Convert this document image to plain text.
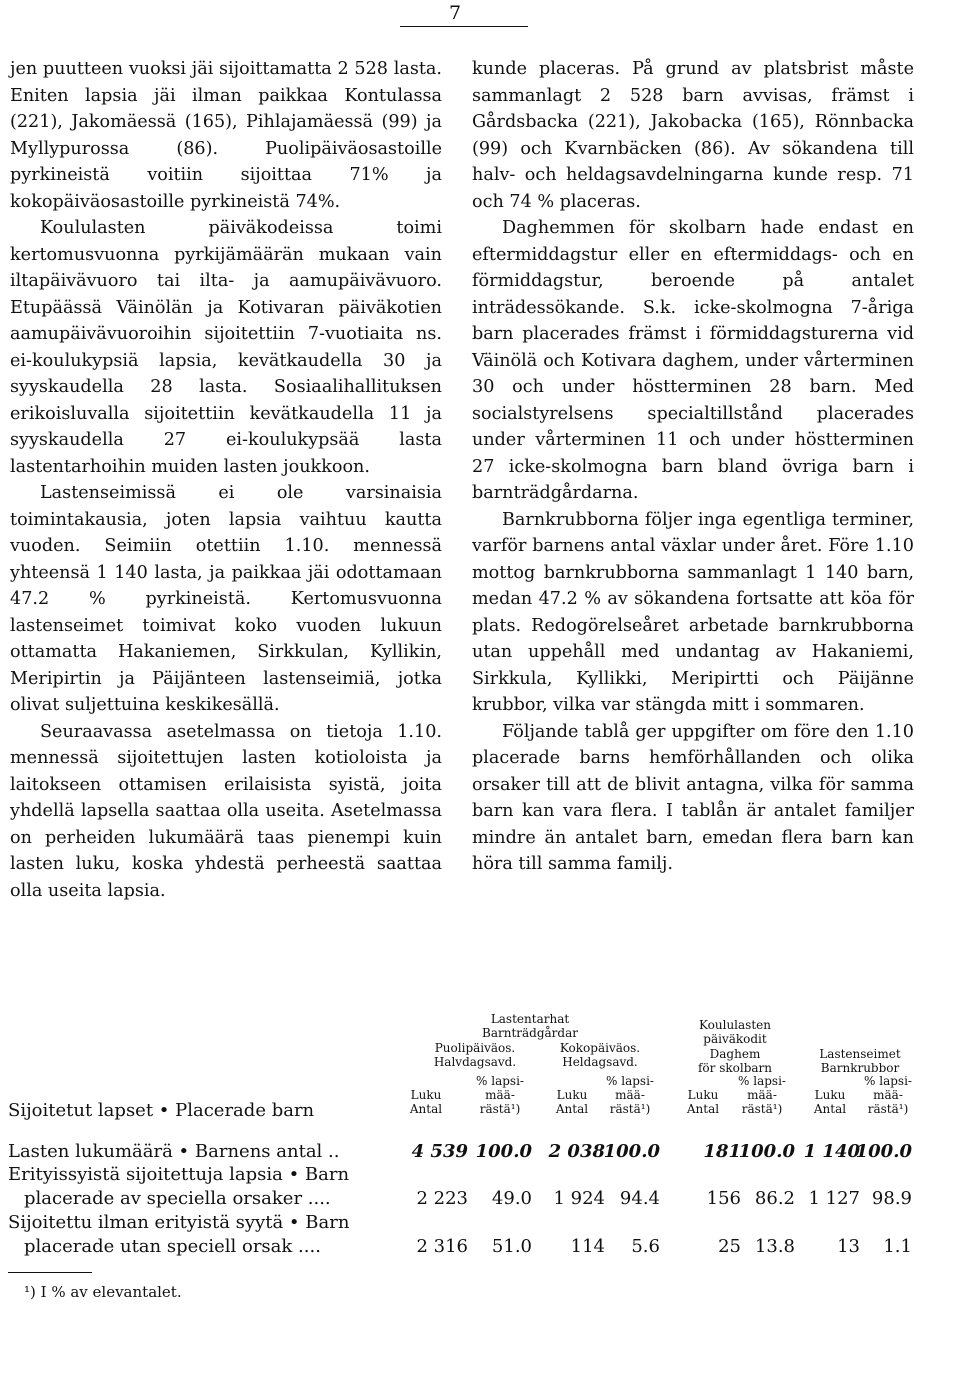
7

jen puutteen vuoksi jäi sijoittamatta 2 528 lasta. Eniten lapsia jäi ilman paikkaa Kontulassa (221), Jakomäessä (165), Pihlajamäessä (99) ja Myllypurossa (86). Puolipäiväosastoille pyrkineistä voitiin sijoittaa 71% ja kokopäiväosastoille pyrkineistä 74%.

Koululasten päiväkodeissa toimi kertomusvuonna pyrkijämäärän mukaan vain iltapäivävuoro tai ilta- ja aamupäivävuoro. Etupäässä Väinölän ja Kotivaran päiväkotien aamupäivävuoroihin sijoitettiin 7-vuotiaita ns. ei-koulukypsiä lapsia, kevätkaudella 30 ja syyskaudella 28 lasta. Sosiaalihallituksen erikoisluvalla sijoitettiin kevätkaudella 11 ja syyskaudella 27 ei-koulukypsää lasta lastentarhoihin muiden lasten joukkoon.

Lastenseimissä ei ole varsinaisia toimintakausia, joten lapsia vaihtuu kautta vuoden. Seimiin otettiin 1.10. mennessä yhteensä 1 140 lasta, ja paikkaa jäi odottamaan 47.2 % pyrkineistä. Kertomusvuonna lastenseimet toimivat koko vuoden lukuun ottamatta Hakaniemen, Sirkkulan, Kyllikin, Meripirtin ja Päijänteen lastenseimiä, jotka olivat suljettuina keskikesällä.

Seuraavassa asetelmassa on tietoja 1.10. mennessä sijoitettujen lasten kotioloista ja laitokseen ottamisen erilaisista syistä, joita yhdellä lapsella saattaa olla useita. Asetelmassa on perheiden lukumäärä taas pienempi kuin lasten luku, koska yhdestä perheestä saattaa olla useita lapsia.

kunde placeras. På grund av platsbrist måste sammanlagt 2 528 barn avvisas, främst i Gårdsbacka (221), Jakobacka (165), Rönnbacka (99) och Kvarnbäcken (86). Av sökandena till halv- och heldagsavdelningarna kunde resp. 71 och 74 % placeras.

Daghemmen för skolbarn hade endast en eftermiddagstur eller en eftermiddags- och en förmiddagstur, beroende på antalet inträdessökande. S.k. icke-skolmogna 7-åriga barn placerades främst i förmiddagsturerna vid Väinölä och Kotivara daghem, under vårterminen 30 och under höstterminen 28 barn. Med socialstyrelsens specialtillstånd placerades under vårterminen 11 och under höstterminen 27 icke-skolmogna barn bland övriga barn i barnträdgårdarna.

Barnkrubborna följer inga egentliga terminer, varför barnens antal växlar under året. Före 1.10 mottog barnkrubborna sammanlagt 1 140 barn, medan 47.2 % av sökandena fortsatte att köa för plats. Redogörelseåret arbetade barnkrubborna utan uppehåll med undantag av Hakaniemi, Sirkkula, Kyllikki, Meripirtti och Päijänne krubbor, vilka var stängda mitt i sommaren.

Följande tablå ger uppgifter om före den 1.10 placerade barns hemförhållanden och olika orsaker till att de blivit antagna, vilka för samma barn kan vara flera. I tablån är antalet familjer mindre än antalet barn, emedan flera barn kan höra till samma familj.

Lastentarhat
Barnträdgårdar
Puolipäiväos.
Halvdagsavd.
Kokopäiväos.
Heldagsavd.
Koululasten
päiväkodit
Daghem
för skolbarn
Lastenseimet
Barnkrubbor
Luku
Antal
% lapsi-
mää-
rästä¹)
Luku
Antal
% lapsi-
mää-
rästä¹)
Luku
Antal
% lapsi-
mää-
rästä¹)
Luku
Antal
% lapsi-
mää-
rästä¹)
Sijoitetut lapset • Placerade barn
Lasten lukumäärä • Barnens antal ..
Erityissyistä sijoitettuja lapsia • Barn
placerade av speciella orsaker ....
Sijoitettu ilman erityistä syytä • Barn
placerade utan speciell orsak ....
4 539 100.0 2 038
100.0 181
100.0 1 140
100.0
2 223 49.0 1 924 94.4	156 86.2 1 127 98.9
2 316 51.0 114 5.6	25 13.8 13 1.1
¹) I % av elevantalet.
